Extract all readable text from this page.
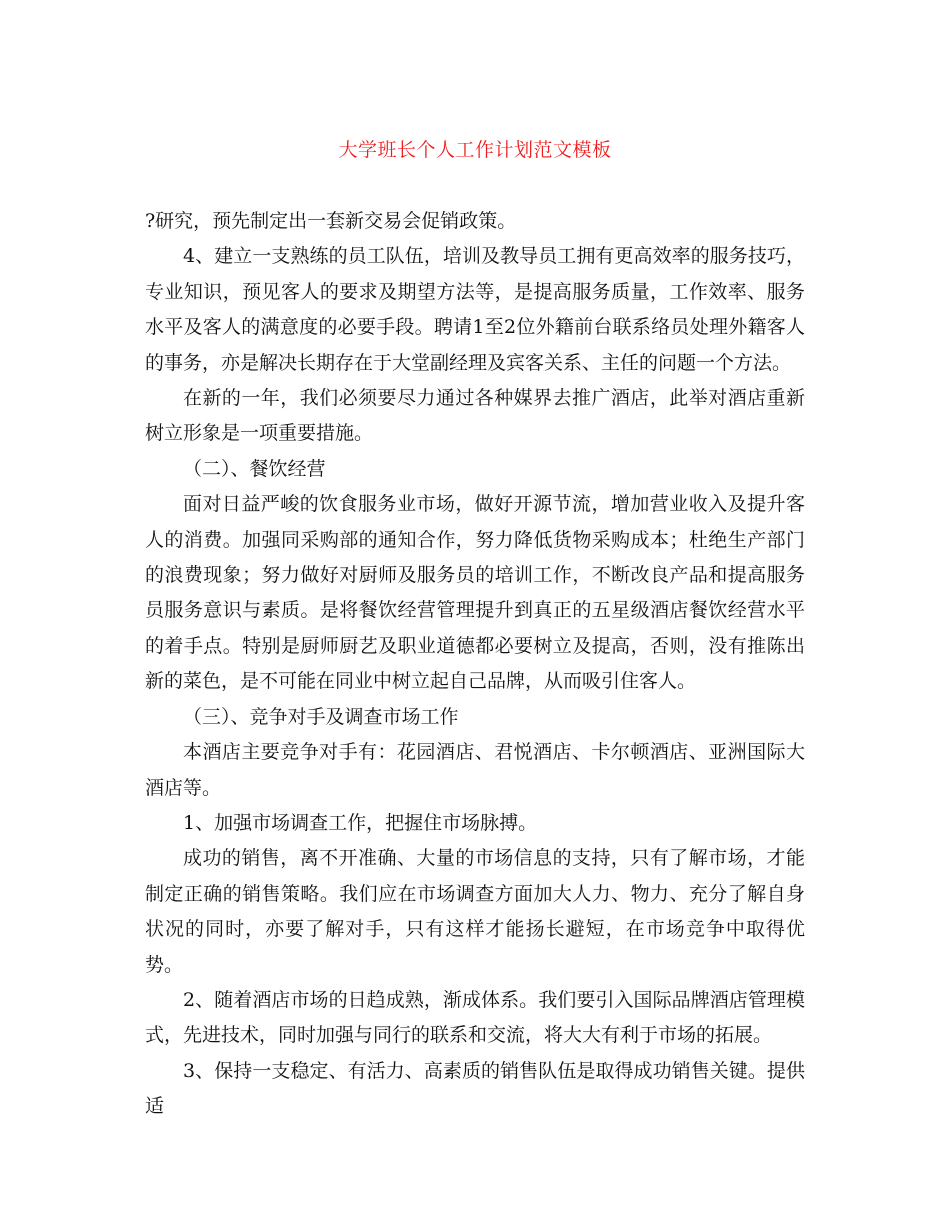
大学班长个人工作计划范文模板

?研究，预先制定出一套新交易会促销政策。

4、建立一支熟练的员工队伍，培训及教导员工拥有更高效率的服务技巧，专业知识，预见客人的要求及期望方法等，是提高服务质量，工作效率、服务水平及客人的满意度的必要手段。聘请1至2位外籍前台联系络员处理外籍客人的事务，亦是解决长期存在于大堂副经理及宾客关系、主任的问题一个方法。

在新的一年，我们必须要尽力通过各种媒界去推广酒店，此举对酒店重新树立形象是一项重要措施。

（二）、餐饮经营

面对日益严峻的饮食服务业市场，做好开源节流，增加营业收入及提升客人的消费。加强同采购部的通知合作，努力降低货物采购成本；杜绝生产部门的浪费现象；努力做好对厨师及服务员的培训工作，不断改良产品和提高服务员服务意识与素质。是将餐饮经营管理提升到真正的五星级酒店餐饮经营水平的着手点。特别是厨师厨艺及职业道德都必要树立及提高，否则，没有推陈出新的菜色，是不可能在同业中树立起自己品牌，从而吸引住客人。

（三）、竞争对手及调查市场工作

本酒店主要竞争对手有：花园酒店、君悦酒店、卡尔顿酒店、亚洲国际大酒店等。

1、加强市场调查工作，把握住市场脉搏。

成功的销售，离不开准确、大量的市场信息的支持，只有了解市场，才能制定正确的销售策略。我们应在市场调查方面加大人力、物力、充分了解自身状况的同时，亦要了解对手，只有这样才能扬长避短，在市场竞争中取得优势。

2、随着酒店市场的日趋成熟，渐成体系。我们要引入国际品牌酒店管理模式，先进技术，同时加强与同行的联系和交流，将大大有利于市场的拓展。

3、保持一支稳定、有活力、高素质的销售队伍是取得成功销售关键。提供适
